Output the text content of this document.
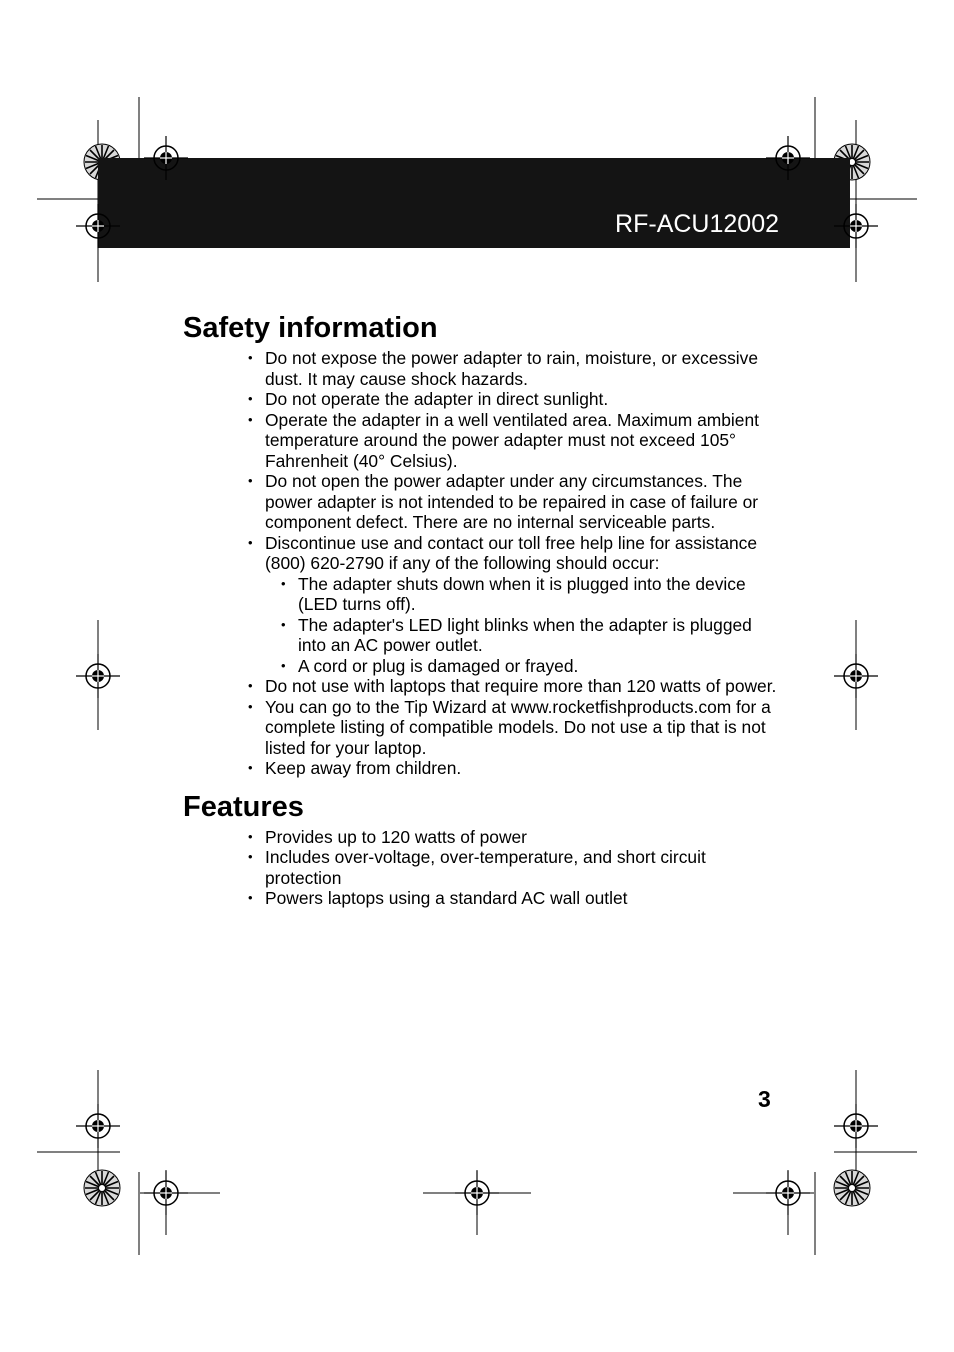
RF-ACU12002
Safety information
• Do not expose the power adapter to rain, moisture, or excessive dust. It may cause shock hazards.
• Do not operate the adapter in direct sunlight.
• Operate the adapter in a well ventilated area. Maximum ambient temperature around the power adapter must not exceed 105° Fahrenheit (40° Celsius).
• Do not open the power adapter under any circumstances. The power adapter is not intended to be repaired in case of failure or component defect. There are no internal serviceable parts.
• Discontinue use and contact our toll free help line for assistance (800) 620-2790 if any of the following should occur:
• The adapter shuts down when it is plugged into the device (LED turns off).
• The adapter's LED light blinks when the adapter is plugged into an AC power outlet.
• A cord or plug is damaged or frayed.
• Do not use with laptops that require more than 120 watts of power.
• You can go to the Tip Wizard at www.rocketfishproducts.com for a complete listing of compatible models. Do not use a tip that is not listed for your laptop.
• Keep away from children.
Features
• Provides up to 120 watts of power
• Includes over-voltage, over-temperature, and short circuit protection
• Powers laptops using a standard AC wall outlet
3
